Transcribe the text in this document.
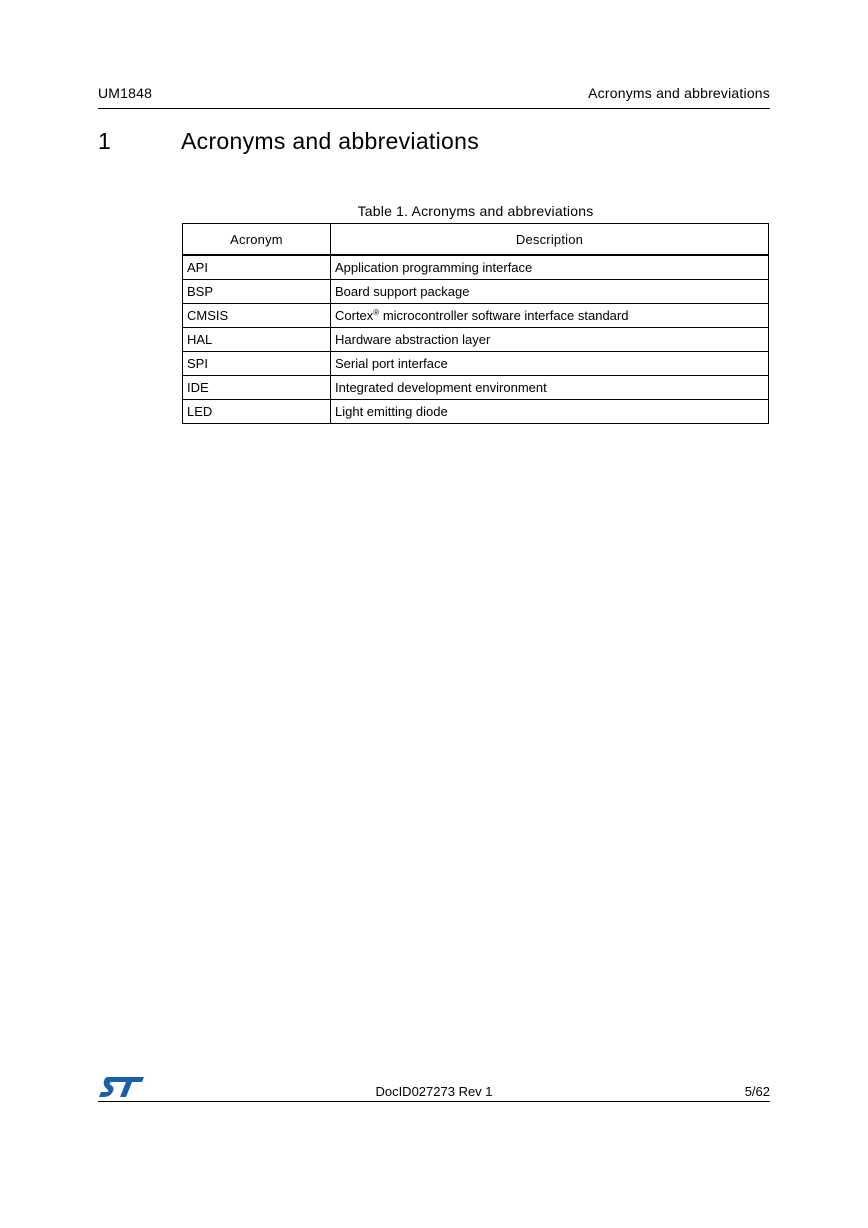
UM1848	Acronyms and abbreviations
1	Acronyms and abbreviations
Table 1. Acronyms and abbreviations
Acronym	Description
API	Application programming interface
BSP	Board support package
CMSIS	Cortex® microcontroller software interface standard
HAL	Hardware abstraction layer
SPI	Serial port interface
IDE	Integrated development environment
LED	Light emitting diode
DocID027273 Rev 1	5/62
